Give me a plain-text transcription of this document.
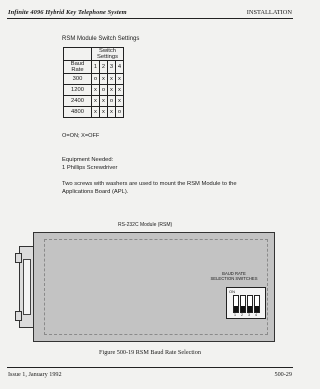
Infinite 4096 Hybrid Key Telephone System	INSTALLATION
RSM Module Switch Settings
	Switch Settings			
Baud Rate	1	2	3	4
300	o	x	x	x
1200	x	o	x	x
2400	x	x	o	x
4800	x	x	x	o
O=ON; X=OFF
Equipment Needed:
1 Phillips Screwdriver
Two screws with washers are used to mount the RSM Module to the
Applications Board (APL).
RS-232C Module (RSM)
BAUD RATE
SELECTION SWITCHES
ON
1	2	3	4
Figure 500-19 RSM Baud Rate Selection
Issue 1, January 1992	500-29
